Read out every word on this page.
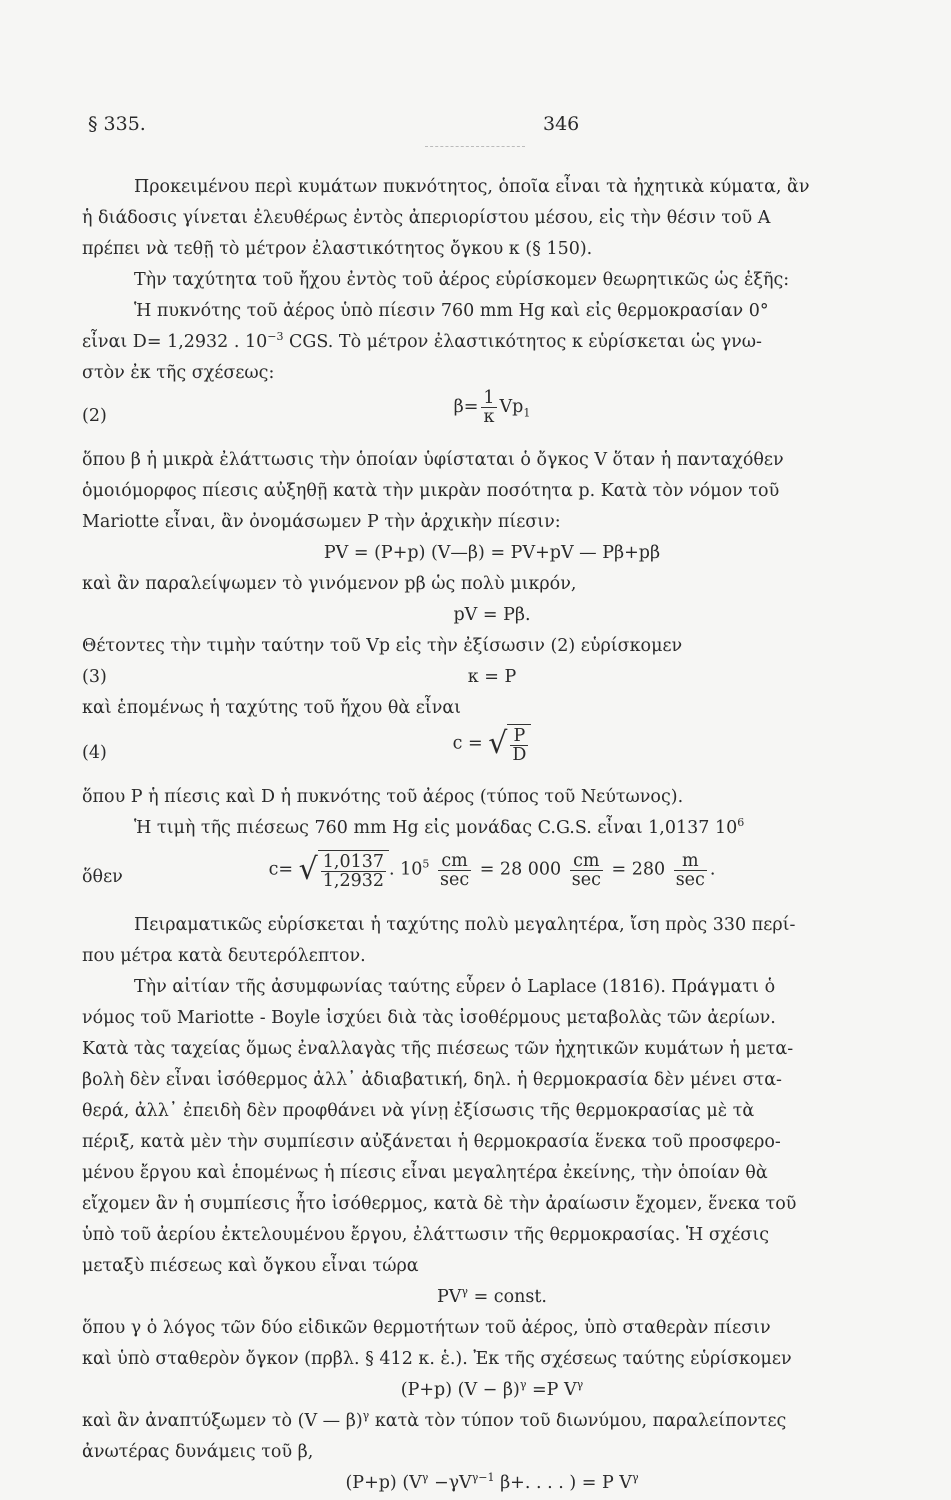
§ 335.	346

Προκειμένου περὶ κυμάτων πυκνότητος, ὁποῖα εἶναι τὰ ἠχητικὰ κύματα, ἂν

ἡ διάδοσις γίνεται ἐλευθέρως ἐντὸς ἀπεριορίστου μέσου, εἰς τὴν θέσιν τοῦ A

πρέπει νὰ τεθῇ τὸ μέτρον ἐλαστικότητος ὄγκου κ (§ 150).

Τὴν ταχύτητα τοῦ ἤχου ἐντὸς τοῦ ἀέρος εὑρίσκομεν θεωρητικῶς ὡς ἑξῆς:

Ἡ πυκνότης τοῦ ἀέρος ὑπὸ πίεσιν 760 mm Hg καὶ εἰς θερμοκρασίαν 0°

εἶναι D= 1,2932 . $10^{-3}$ CGS. Τὸ μέτρον ἐλαστικότητος κ εὑρίσκεται ὡς γνω-

στὸν ἐκ τῆς σχέσεως:

(2)	$\beta= \frac{1}{\kappa} Vp_1$

ὅπου β ἡ μικρὰ ἐλάττωσις τὴν ὁποίαν ὑφίσταται ὁ ὄγκος V ὅταν ἡ πανταχόθεν

ὁμοιόμορφος πίεσις αὐξηθῇ κατὰ τὴν μικρὰν ποσότητα p. Κατὰ τὸν νόμον τοῦ

Mariotte εἶναι, ἂν ὀνομάσωμεν P τὴν ἀρχικὴν πίεσιν:

PV = (P+p) (V—β) = PV+pV — Pβ+pβ

καὶ ἂν παραλείψωμεν τὸ γινόμενον pβ ὡς πολὺ μικρόν,

pV = Pβ.

Θέτοντες τὴν τιμὴν ταύτην τοῦ Vp εἰς τὴν ἐξίσωσιν (2) εὑρίσκομεν

(3)	κ = P

καὶ ἑπομένως ἡ ταχύτης τοῦ ἤχου θὰ εἶναι

(4)	c = √ $\frac{P}{D}$

ὅπου P ἡ πίεσις καὶ D ἡ πυκνότης τοῦ ἀέρος (τύπος τοῦ Νεύτωνος).

Ἡ τιμὴ τῆς πιέσεως 760 mm Hg εἰς μονάδας C.G.S. εἶναι 1,0137 $10^6$

ὅθεν	c= √ $\frac{1,0137}{1,2932}$ . $10^5 \frac{cm}{\sec} = 28$ $000 \frac{cm}{\sec} = 280 \frac{m}{\sec}$ .

Πειραματικῶς εὑρίσκεται ἡ ταχύτης πολὺ μεγαλητέρα, ἴση πρὸς 330 περί-

που μέτρα κατὰ δευτερόλεπτον.

Τὴν αἰτίαν τῆς ἀσυμφωνίας ταύτης εὗρεν ὁ Laplace (1816). Πράγματι ὁ

νόμος τοῦ Mariotte - Boyle ἰσχύει διὰ τὰς ἰσοθέρμους μεταβολὰς τῶν ἀερίων.

Κατὰ τὰς ταχείας ὅμως ἐναλλαγὰς τῆς πιέσεως τῶν ἠχητικῶν κυμάτων ἡ μετα-

βολὴ δὲν εἶναι ἰσόθερμος ἀλλ᾽ ἀδιαβατική, δηλ. ἡ θερμοκρασία δὲν μένει στα-

θερά, ἀλλ᾽ ἐπειδὴ δὲν προφθάνει νὰ γίνῃ ἐξίσωσις τῆς θερμοκρασίας μὲ τὰ

πέριξ, κατὰ μὲν τὴν συμπίεσιν αὐξάνεται ἡ θερμοκρασία ἕνεκα τοῦ προσφερο-

μένου ἔργου καὶ ἑπομένως ἡ πίεσις εἶναι μεγαλητέρα ἐκείνης, τὴν ὁποίαν θὰ

εἴχομεν ἂν ἡ συμπίεσις ἦτο ἰσόθερμος, κατὰ δὲ τὴν ἀραίωσιν ἔχομεν, ἕνεκα τοῦ

ὑπὸ τοῦ ἀερίου ἐκτελουμένου ἔργου, ἐλάττωσιν τῆς θερμοκρασίας. Ἡ σχέσις

μεταξὺ πιέσεως καὶ ὄγκου εἶναι τώρα

$PV^\gamma$ = const.

ὅπου γ ὁ λόγος τῶν δύο εἰδικῶν θερμοτήτων τοῦ ἀέρος, ὑπὸ σταθερὰν πίεσιν

καὶ ὑπὸ σταθερὸν ὄγκον (πρβλ. § 412 κ. ἑ.). Ἐκ τῆς σχέσεως ταύτης εὑρίσκομεν

(P+p) $(V - \beta)^\gamma =P$ $V^\gamma$

καὶ ἂν ἀναπτύξωμεν τὸ (V — β)$^\gamma$ κατὰ τὸν τύπον τοῦ διωνύμου, παραλείποντες

ἀνωτέρας δυνάμεις τοῦ β,

(P+p) ($V^\gamma -\gamma V^{\gamma-1}$ β+. . . . ) = P $V^\gamma$
